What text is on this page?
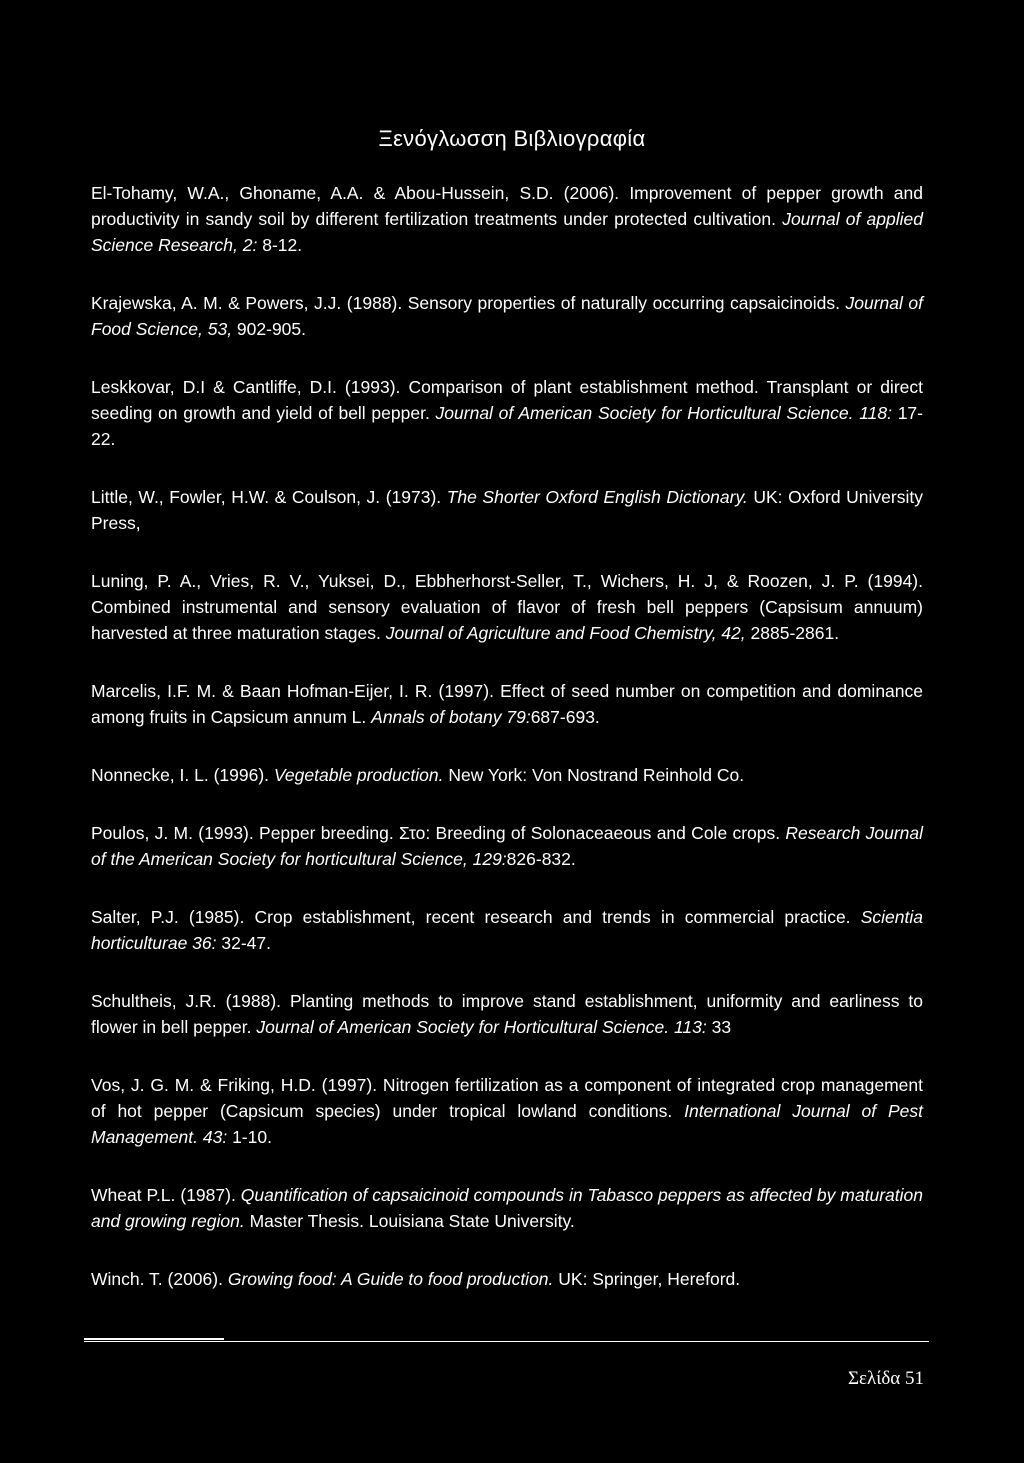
Ξενόγλωσση Βιβλιογραφία
El-Tohamy, W.A., Ghoname, A.A. & Abou-Hussein, S.D. (2006). Improvement of pepper growth and productivity in sandy soil by different fertilization treatments under protected cultivation. Journal of applied Science Research, 2: 8-12.
Krajewska, A. M. & Powers, J.J. (1988). Sensory properties of naturally occurring capsaicinoids. Journal of Food Science, 53, 902-905.
Leskkovar, D.I & Cantliffe, D.I. (1993). Comparison of plant establishment method. Transplant or direct seeding on growth and yield of bell pepper. Journal of American Society for Horticultural Science. 118: 17-22.
Little, W., Fowler, H.W. & Coulson, J. (1973). The Shorter Oxford English Dictionary. UK: Oxford University Press,
Luning, P. A., Vries, R. V., Yuksei, D., Ebbherhorst-Seller, T., Wichers, H. J, & Roozen, J. P. (1994). Combined instrumental and sensory evaluation of flavor of fresh bell peppers (Capsisum annuum) harvested at three maturation stages. Journal of Agriculture and Food Chemistry, 42, 2885-2861.
Marcelis, I.F. M. & Baan Hofman-Eijer, I. R. (1997). Effect of seed number on competition and dominance among fruits in Capsicum annum L. Annals of botany 79:687-693.
Nonnecke, I. L. (1996). Vegetable production. New York: Von Nostrand Reinhold Co.
Poulos, J. M. (1993). Pepper breeding. Στο: Breeding of Solonaceaeous and Cole crops. Research Journal of the American Society for horticultural Science, 129:826-832.
Salter, P.J. (1985). Crop establishment, recent research and trends in commercial practice. Scientia horticulturae 36: 32-47.
Schultheis, J.R. (1988). Planting methods to improve stand establishment, uniformity and earliness to flower in bell pepper. Journal of American Society for Horticultural Science. 113: 33
Vos, J. G. M. & Friking, H.D. (1997). Nitrogen fertilization as a component of integrated crop management of hot pepper (Capsicum species) under tropical lowland conditions. International Journal of Pest Management. 43: 1-10.
Wheat P.L. (1987). Quantification of capsaicinoid compounds in Tabasco peppers as affected by maturation and growing region. Master Thesis. Louisiana State University.
Winch. T. (2006). Growing food: A Guide to food production. UK: Springer, Hereford.

Σελίδα 51
